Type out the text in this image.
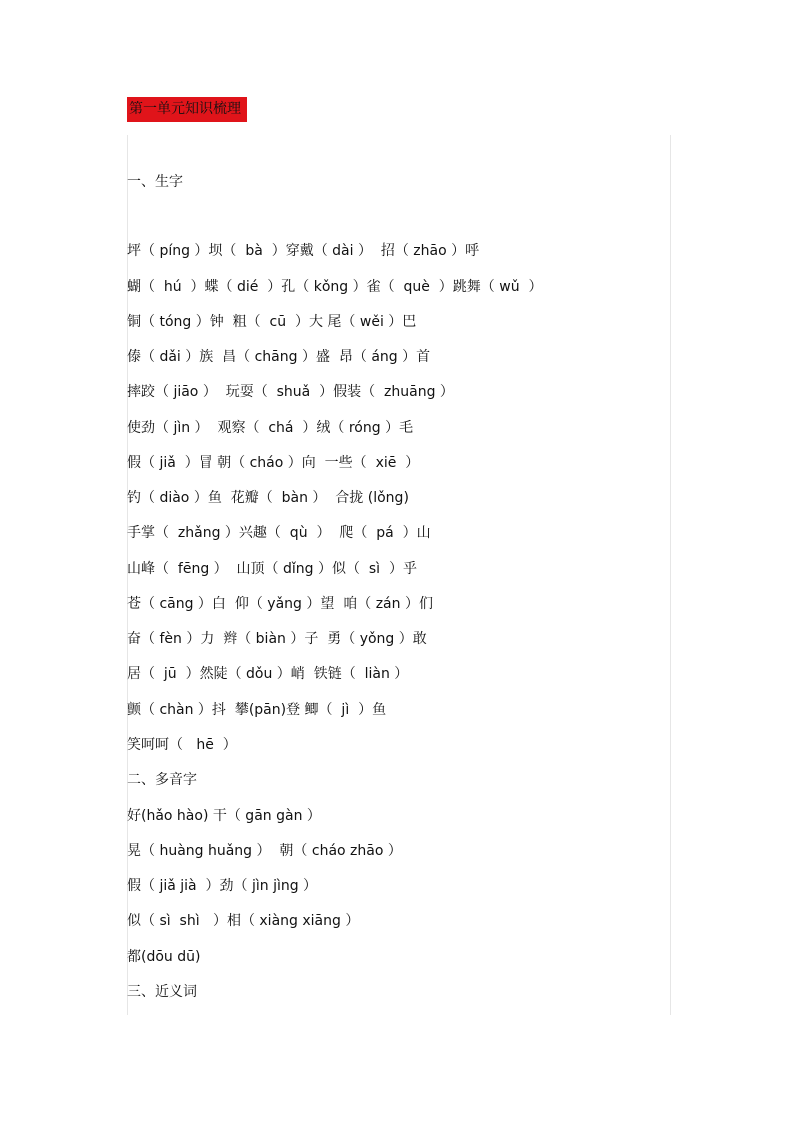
第一单元知识梳理
一、生字
坪（ píng ）坝（  bà  ）穿戴（ dài ）  招（ zhāo ）呼
蝴（  hú  ）蝶（ dié  ）孔（ kǒng ）雀（  què  ）跳舞（ wǔ  ）
铜（ tóng ）钟  粗（  cū  ）大 尾（ wěi ）巴
傣（ dǎi ）族  昌（ chāng ）盛  昂（ áng ）首
摔跤（ jiāo ）  玩耍（  shuǎ  ）假装（  zhuāng ）
使劲（ jìn ）  观察（  chá  ）绒（ róng ）毛
假（ jiǎ  ）冒 朝（ cháo ）向  一些（  xiē  ）
钓（ diào ）鱼  花瓣（  bàn ）  合拢 (lǒng)
手掌（  zhǎng ）兴趣（  qù  ）  爬（  pá  ）山
山峰（  fēng ）  山顶（ dǐng ）似（  sì  ）乎
苍（ cāng ）白  仰（ yǎng ）望  咱（ zán ）们
奋（ fèn ）力  辫（ biàn ）子  勇（ yǒng ）敢
居（  jū  ）然陡（ dǒu ）峭  铁链（  liàn ）
颤（ chàn ）抖  攀(pān)登 鲫（  jì  ）鱼
笑呵呵（   hē  ）
二、多音字
好(hǎo hào) 干（ gān gàn ）
晃（ huàng huǎng ）  朝（ cháo zhāo ）
假（ jiǎ jià  ）劲（ jìn jìng ）
似（ sì  shì   ）相（ xiàng xiāng ）
都(dōu dū)
三、近义词
